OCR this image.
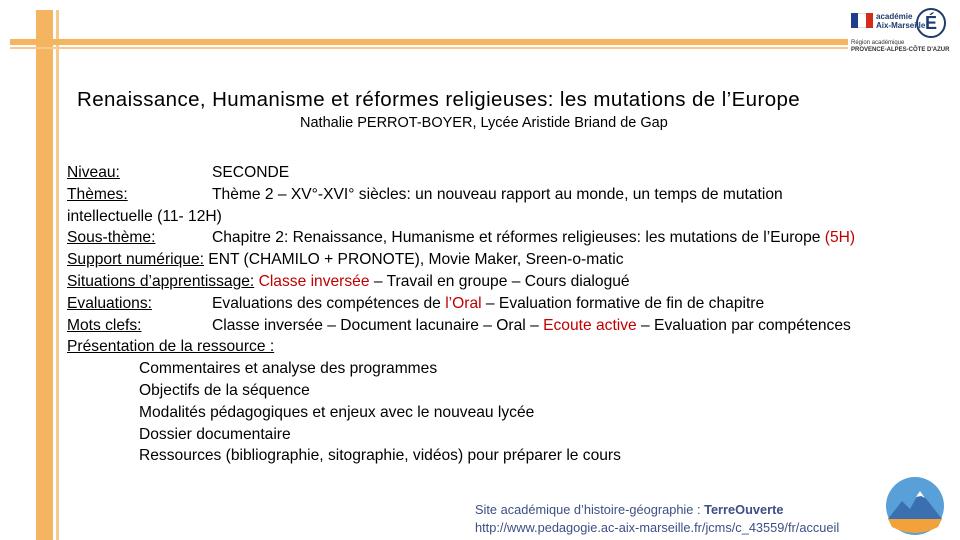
académie
Aix-Marseille É
Région académique
PROVENCE-ALPES-CÔTE D'AZUR
Renaissance, Humanisme et réformes religieuses: les mutations de l’Europe
Nathalie PERROT-BOYER, Lycée Aristide Briand de Gap
Niveau:	SECONDE
Thèmes:	Thème 2 – XV°-XVI° siècles: un nouveau rapport au monde, un temps de mutation
intellectuelle (11- 12H)
Sous-thème:	Chapitre 2: Renaissance, Humanisme et réformes religieuses: les mutations de l’Europe (5H)
Support numérique: ENT (CHAMILO + PRONOTE), Movie Maker, Sreen-o-matic
Situations d’apprentissage: Classe inversée – Travail en groupe – Cours dialogué
Evaluations:	Evaluations des compétences de l’Oral – Evaluation formative de fin de chapitre
Mots clefs:	Classe inversée – Document lacunaire – Oral – Ecoute active – Evaluation par compétences
Présentation de la ressource :
Commentaires et analyse des programmes
Objectifs de la séquence
Modalités pédagogiques et enjeux avec le nouveau lycée
Dossier documentaire
Ressources (bibliographie, sitographie, vidéos) pour préparer le cours
Site académique d’histoire-géographie : TerreOuverte
http://www.pedagogie.ac-aix-marseille.fr/jcms/c_43559/fr/accueil
